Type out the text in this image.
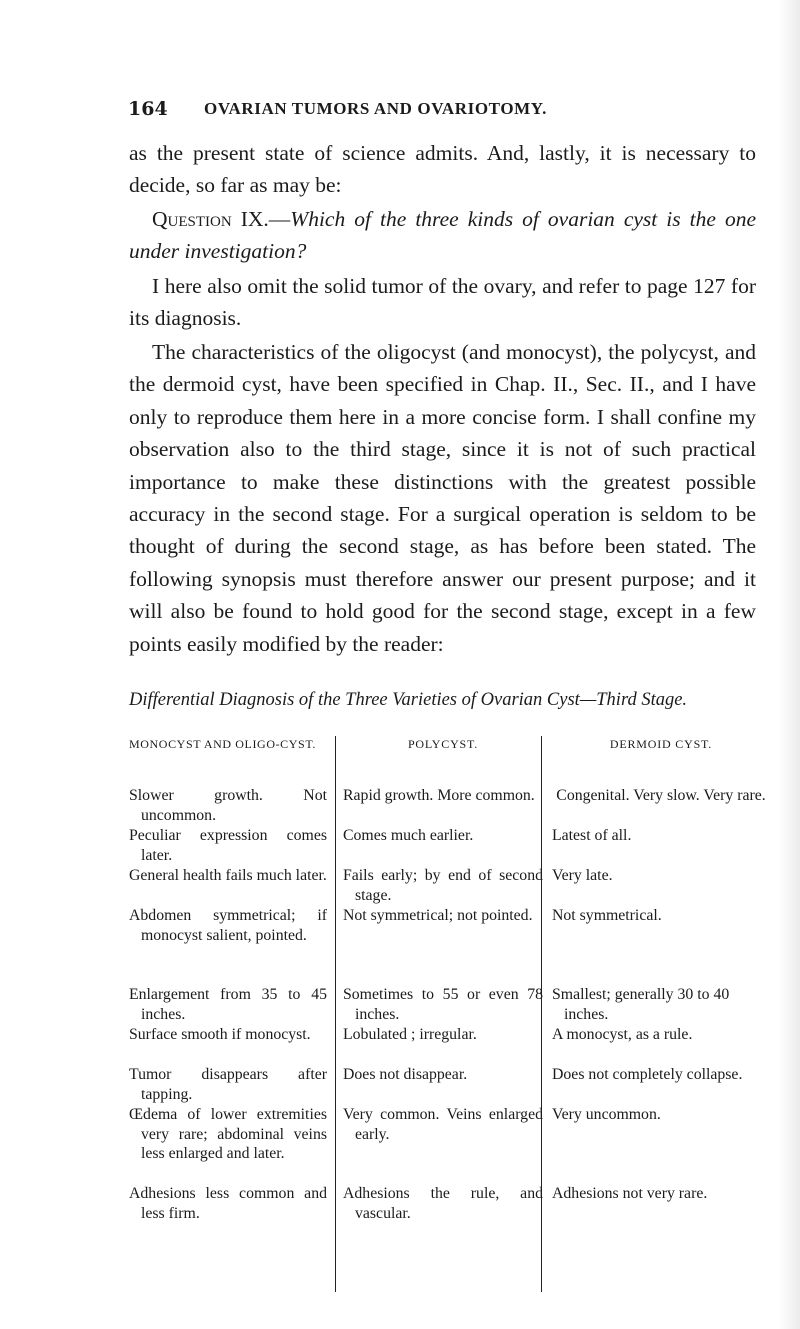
164 OVARIAN TUMORS AND OVARIOTOMY.

as the present state of science admits. And, lastly, it is necessary to decide, so far as may be:

Question IX.—Which of the three kinds of ovarian cyst is the one under investigation?

I here also omit the solid tumor of the ovary, and refer to page 127 for its diagnosis.

The characteristics of the oligocyst (and monocyst), the polycyst, and the dermoid cyst, have been specified in Chap. II., Sec. II., and I have only to reproduce them here in a more concise form. I shall confine my observation also to the third stage, since it is not of such practical importance to make these distinctions with the greatest possible accuracy in the second stage. For a surgical operation is seldom to be thought of during the second stage, as has before been stated. The following synopsis must therefore answer our present purpose; and it will also be found to hold good for the second stage, except in a few points easily modified by the reader:

Differential Diagnosis of the Three Varieties of Ovarian Cyst—Third Stage.

MONOCYST AND OLIGO-CYST.

Slower growth. Not uncommon.

Peculiar expression comes later.

General health fails much later.

Abdomen symmetrical; if monocyst salient, pointed.

Enlargement from 35 to 45 inches.

Surface smooth if monocyst.

Tumor disappears after tapping.

Œdema of lower extremities very rare; abdominal veins less enlarged and later.

Adhesions less common and less firm.

POLYCYST.

Rapid growth. More common.

Comes much earlier.

Fails early; by end of second stage.

Not symmetrical; not pointed.

Sometimes to 55 or even 78 inches.

Lobulated ; irregular.

Does not disappear.

Very common. Veins enlarged early.

Adhesions the rule, and vascular.

DERMOID CYST.

Congenital. Very slow. Very rare.

Latest of all.

Very late.

Not symmetrical.

Smallest; generally 30 to 40 inches.

A monocyst, as a rule.

Does not completely collapse.

Very uncommon.

Adhesions not very rare.
